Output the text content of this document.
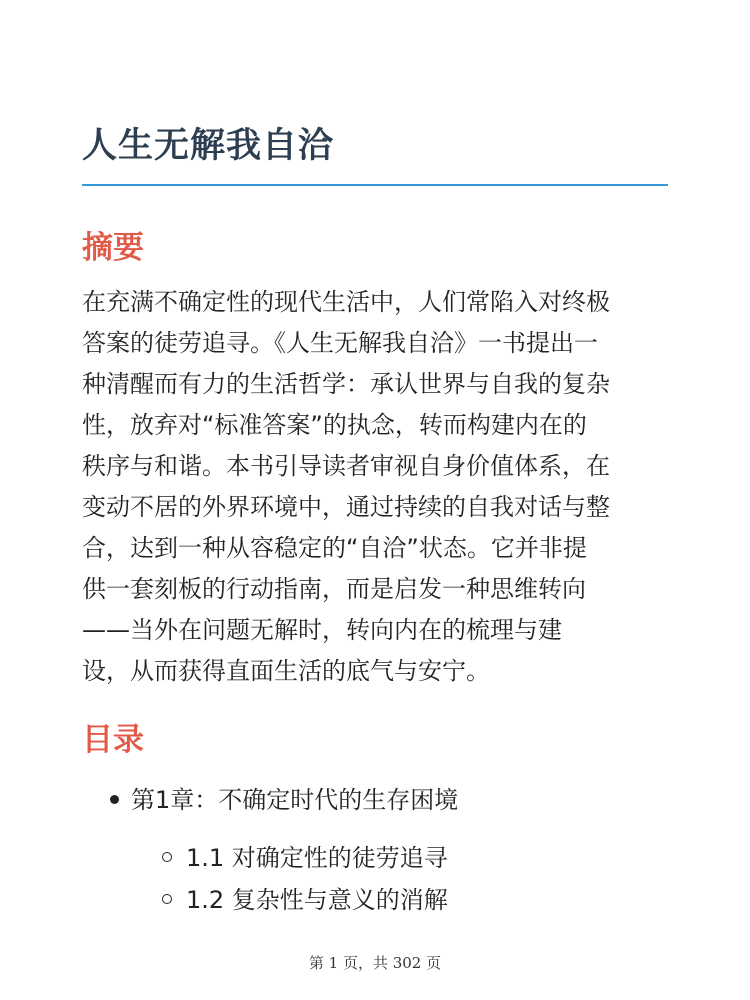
人生无解我自洽
摘要
在充满不确定性的现代生活中，人们常陷入对终极
答案的徒劳追寻。《人生无解我自洽》一书提出一
种清醒而有力的生活哲学：承认世界与自我的复杂
性，放弃对“标准答案”的执念，转而构建内在的
秩序与和谐。本书引导读者审视自身价值体系，在
变动不居的外界环境中，通过持续的自我对话与整
合，达到一种从容稳定的“自洽”状态。它并非提
供一套刻板的行动指南，而是启发一种思维转向
——当外在问题无解时，转向内在的梳理与建
设，从而获得直面生活的底气与安宁。
目录
第1章：不确定时代的生存困境
1.1 对确定性的徒劳追寻
1.2 复杂性与意义的消解
第 1 页，共 302 页
